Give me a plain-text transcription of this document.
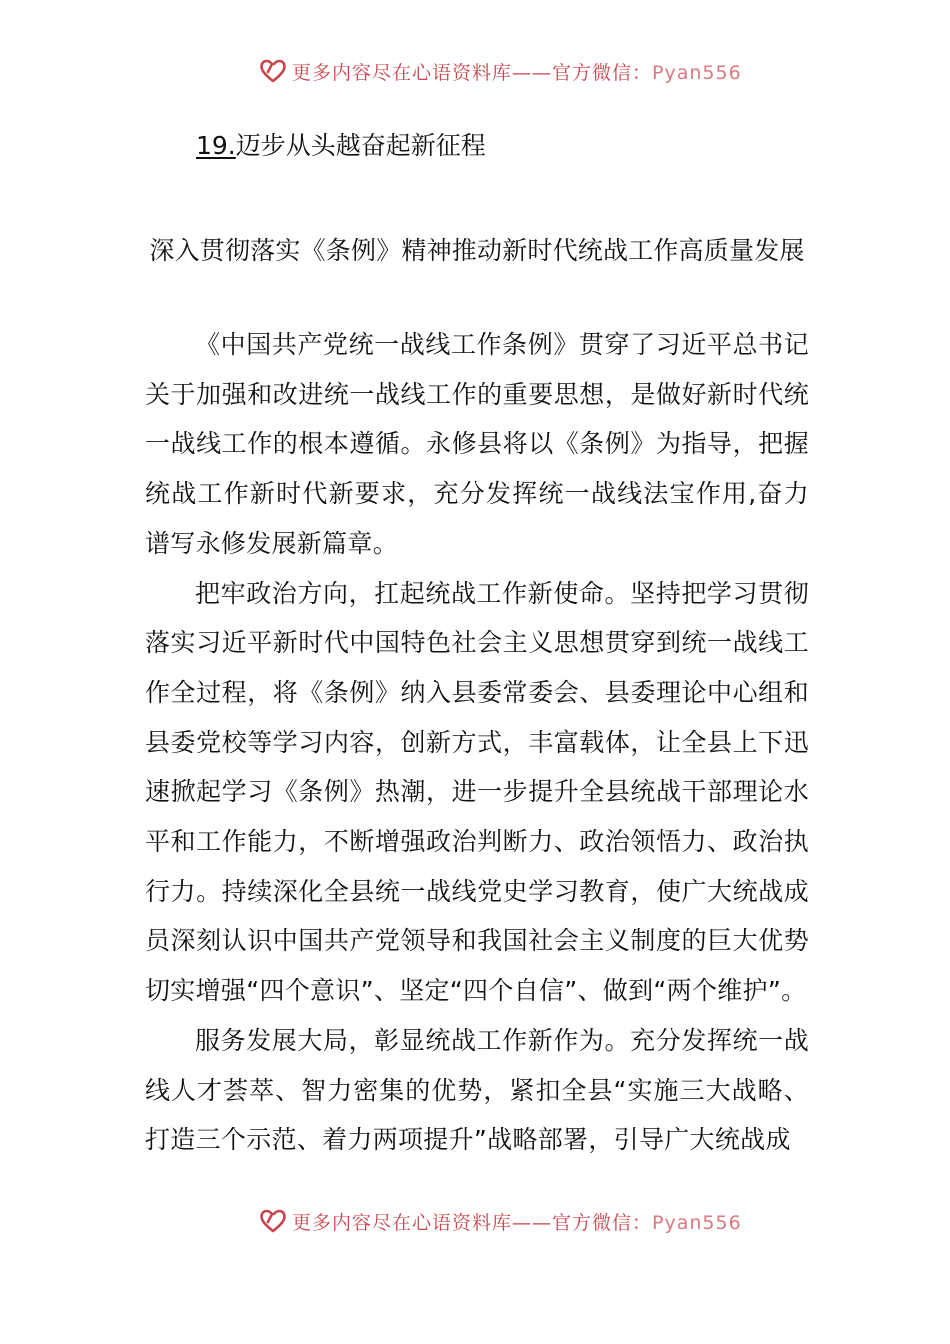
更多内容尽在心语资料库——官方微信：Pyan556
19.迈步从头越奋起新征程
深入贯彻落实《条例》精神推动新时代统战工作高质量发展

《中国共产党统一战线工作条例》贯穿了习近平总书记关于加强和改进统一战线工作的重要思想，是做好新时代统一战线工作的根本遵循。永修县将以《条例》为指导，把握统战工作新时代新要求，充分发挥统一战线法宝作用,奋力谱写永修发展新篇章。

把牢政治方向，扛起统战工作新使命。坚持把学习贯彻落实习近平新时代中国特色社会主义思想贯穿到统一战线工作全过程，将《条例》纳入县委常委会、县委理论中心组和县委党校等学习内容，创新方式，丰富载体，让全县上下迅速掀起学习《条例》热潮，进一步提升全县统战干部理论水平和工作能力，不断增强政治判断力、政治领悟力、政治执行力。持续深化全县统一战线党史学习教育，使广大统战成员深刻认识中国共产党领导和我国社会主义制度的巨大优势切实增强“四个意识”、坚定“四个自信”、做到“两个维护”。

服务发展大局，彰显统战工作新作为。充分发挥统一战线人才荟萃、智力密集的优势，紧扣全县“实施三大战略、打造三个示范、着力两项提升”战略部署，引导广大统战成

更多内容尽在心语资料库——官方微信：Pyan556
